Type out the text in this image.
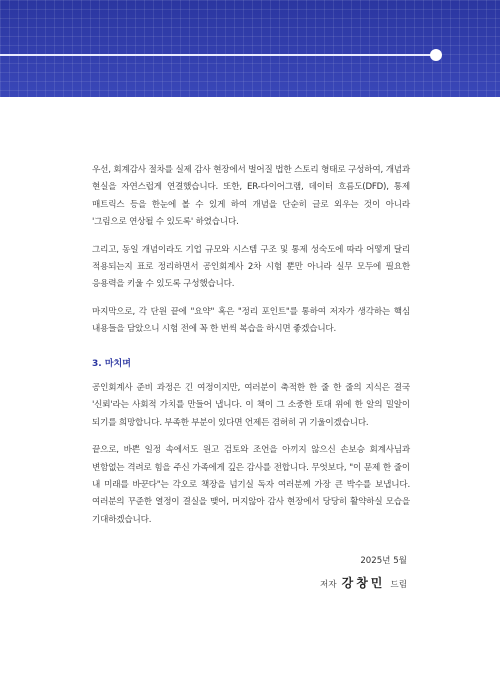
우선, 회계감사 절차를 실제 감사 현장에서 벌어질 법한 스토리 형태로 구성하여, 개념과 현실을 자연스럽게 연결했습니다. 또한, ER-다이어그램, 데이터 흐름도(DFD), 통제 매트릭스 등을 한눈에 볼 수 있게 하여 개념을 단순히 글로 외우는 것이 아니라 '그림으로 연상될 수 있도록' 하였습니다.

그리고, 동일 개념이라도 기업 규모와 시스템 구조 및 통제 성숙도에 따라 어떻게 달리 적용되는지 표로 정리하면서 공인회계사 2차 시험 뿐만 아니라 실무 모두에 필요한 응용력을 키울 수 있도록 구성했습니다.

마지막으로, 각 단원 끝에 "요약" 혹은 "정리 포인트"를 통하여 저자가 생각하는 핵심 내용들을 담았으니 시험 전에 꼭 한 번씩 복습을 하시면 좋겠습니다.

3. 마치며

공인회계사 준비 과정은 긴 여정이지만, 여러분이 축적한 한 줄 한 줄의 지식은 결국 '신뢰'라는 사회적 가치를 만들어 냅니다. 이 책이 그 소중한 토대 위에 한 알의 밀알이 되기를 희망합니다. 부족한 부분이 있다면 언제든 겸허히 귀 기울이겠습니다.

끝으로, 바쁜 일정 속에서도 원고 검토와 조언을 아끼지 않으신 손보승 회계사님과 변함없는 격려로 힘을 주신 가족에게 깊은 감사를 전합니다. 무엇보다, "이 문제 한 줄이 내 미래를 바꾼다"는 각오로 책장을 넘기실 독자 여러분께 가장 큰 박수를 보냅니다. 여러분의 꾸준한 열정이 결실을 맺어, 머지않아 감사 현장에서 당당히 활약하실 모습을 기대하겠습니다.

2025년 5월
저자 강창민 드림
